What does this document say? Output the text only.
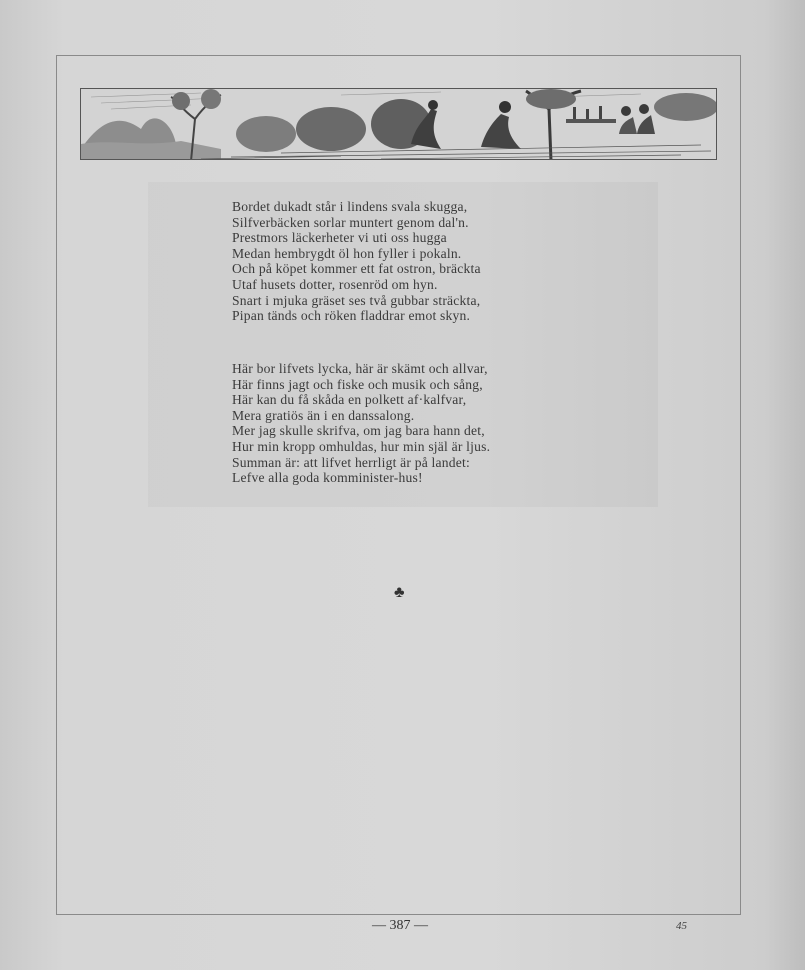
Bordet dukadt står i lindens svala skugga,
Silfverbäcken sorlar muntert genom dal'n.
Prestmors läckerheter vi uti oss hugga
Medan hembrygdt öl hon fyller i pokaln.
Och på köpet kommer ett fat ostron, bräckta
Utaf husets dotter, rosenröd om hyn.
Snart i mjuka gräset ses två gubbar sträckta,
Pipan tänds och röken fladdrar emot skyn.
Här bor lifvets lycka, här är skämt och allvar,
Här finns jagt och fiske och musik och sång,
Här kan du få skåda en polkett af·kalfvar,
Mera gratiös än i en danssalong.
Mer jag skulle skrifva, om jag bara hann det,
Hur min kropp omhuldas, hur min själ är ljus.
Summan är: att lifvet herrligt är på landet:
Lefve alla goda komminister-hus!
♣
— 387 —	45
